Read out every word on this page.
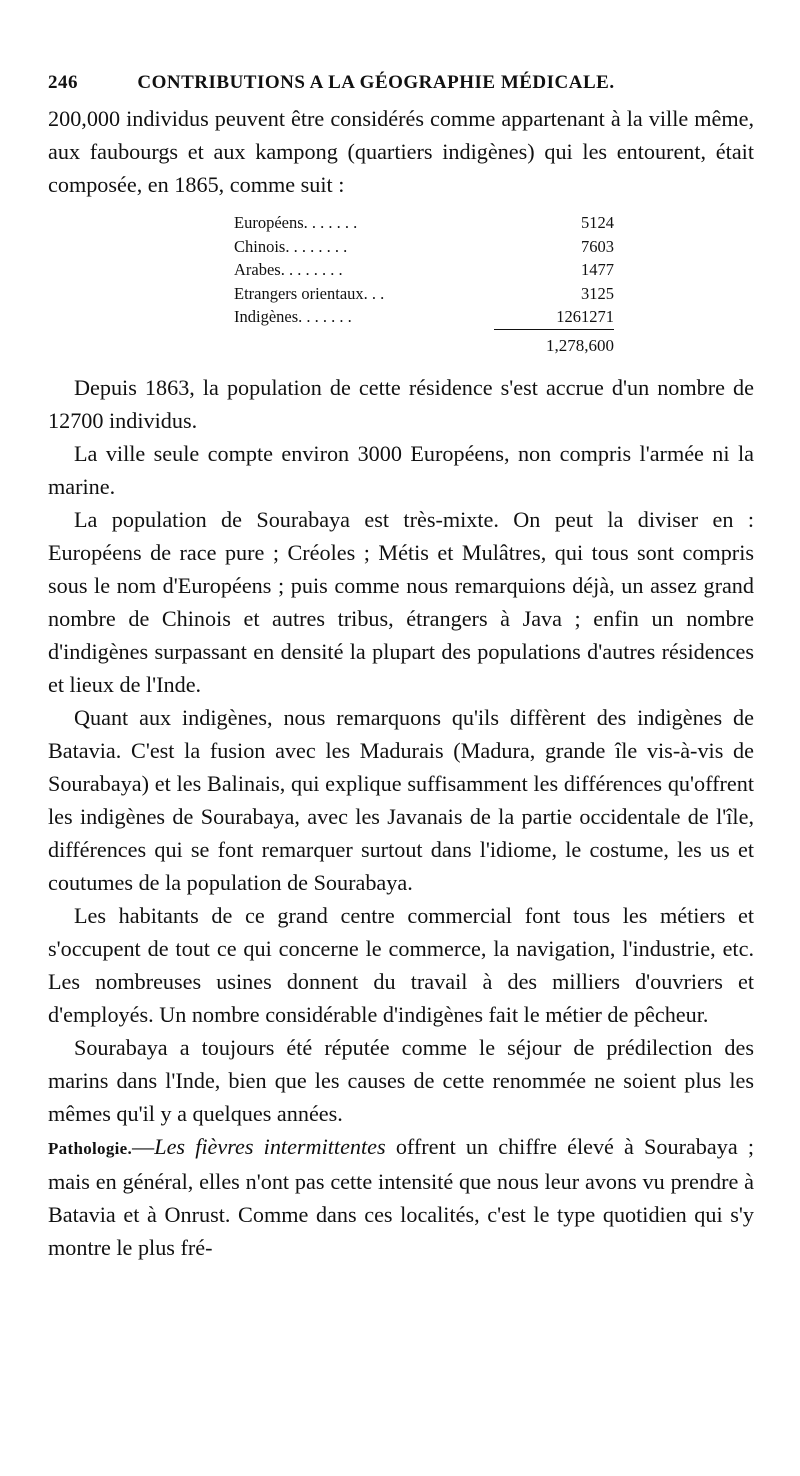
246	CONTRIBUTIONS A LA GÉOGRAPHIE MÉDICALE.

200,000 individus peuvent être considérés comme appartenant à la ville même, aux faubourgs et aux kampong (quartiers indigènes) qui les entourent, était composée, en 1865, comme suit :

Européens. . . . . . .	5124
Chinois. . . . . . . .	7603
Arabes. . . . . . . .	1477
Etrangers orientaux. . .	3125
Indigènes. . . . . . .	1261271
1,278,600

Depuis 1863, la population de cette résidence s'est accrue d'un nombre de 12700 individus.

La ville seule compte environ 3000 Européens, non compris l'armée ni la marine.

La population de Sourabaya est très-mixte. On peut la diviser en : Européens de race pure ; Créoles ; Métis et Mulâtres, qui tous sont compris sous le nom d'Européens ; puis comme nous remarquions déjà, un assez grand nombre de Chinois et autres tribus, étrangers à Java ; enfin un nombre d'indigènes surpassant en densité la plupart des populations d'autres résidences et lieux de l'Inde.

Quant aux indigènes, nous remarquons qu'ils diffèrent des indigènes de Batavia. C'est la fusion avec les Madurais (Madura, grande île vis-à-vis de Sourabaya) et les Balinais, qui explique suffisamment les différences qu'offrent les indigènes de Sourabaya, avec les Javanais de la partie occidentale de l'île, différences qui se font remarquer surtout dans l'idiome, le costume, les us et coutumes de la population de Sourabaya.

Les habitants de ce grand centre commercial font tous les métiers et s'occupent de tout ce qui concerne le commerce, la navigation, l'industrie, etc. Les nombreuses usines donnent du travail à des milliers d'ouvriers et d'employés. Un nombre considérable d'indigènes fait le métier de pêcheur.

Sourabaya a toujours été réputée comme le séjour de prédilection des marins dans l'Inde, bien que les causes de cette renommée ne soient plus les mêmes qu'il y a quelques années.

Pathologie.—Les fièvres intermittentes offrent un chiffre élevé à Sourabaya ; mais en général, elles n'ont pas cette intensité que nous leur avons vu prendre à Batavia et à Onrust. Comme dans ces localités, c'est le type quotidien qui s'y montre le plus fré-
